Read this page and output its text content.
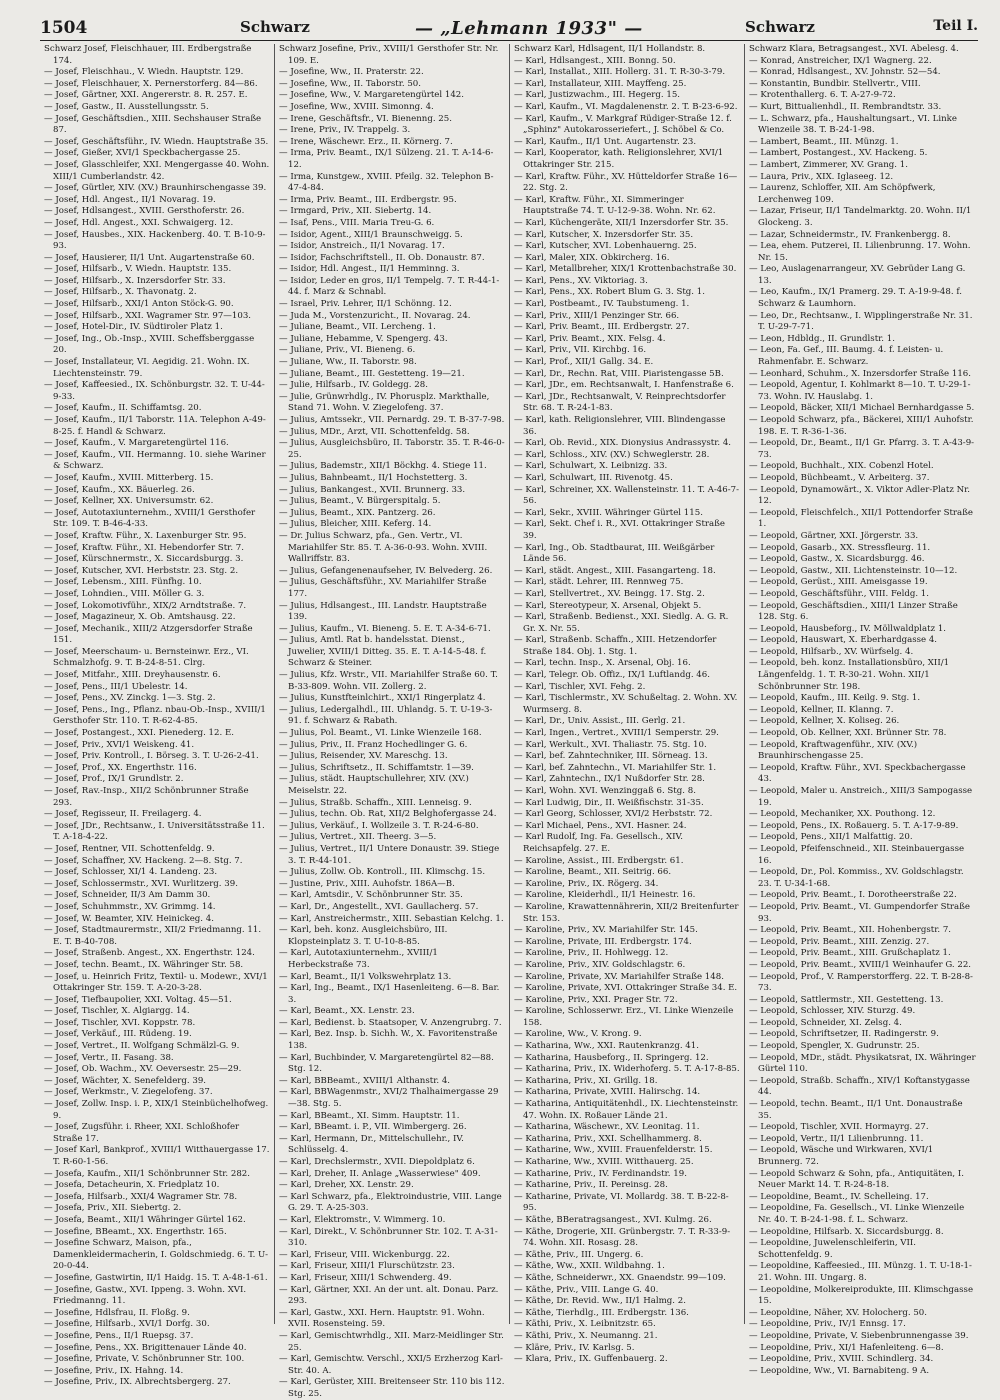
1504	Schwarz	— „Lehmann 1933" —	Schwarz	Teil I.
Schwarz Josef, Fleischhauer, III. Erdbergstraße 174.
— Josef, Fleischhau., V. Wiedn. Hauptstr. 129.
— Josef, Fleischhauer, X. Pernerstorferg. 84—86.
— Josef, Gärtner, XXI. Angererstr. 8. R. 257. E.
— Josef, Gastw., II. Ausstellungsstr. 5.
— Josef, Geschäftsdien., XIII. Sechshauser Straße 87.
— Josef, Geschäftsführ., IV. Wiedn. Hauptstraße 35.
— Josef, Gießer, XVI/1 Speckbachergasse 25.
— Josef, Glasschleifer, XXI. Mengergasse 40. Wohn. XIII/1 Cumberlandstr. 42.
— Josef, Gürtler, XIV. (XV.) Braunhirschengasse 39.
— Josef, Hdl. Angest., II/1 Novarag. 19.
— Josef, Hdlsangest., XVIII. Gersthoferstr. 26.
— Josef, Hdl. Angest., XXI. Schwaigerg. 12.
— Josef, Hausbes., XIX. Hackenberg. 40. T. B-10-9-93.
— Josef, Hausierer, II/1 Unt. Augartenstraße 60.
— Josef, Hilfsarb., V. Wiedn. Hauptstr. 135.
— Josef, Hilfsarb., X. Inzersdorfer Str. 33.
— Josef, Hilfsarb., X. Thavonatg. 2.
— Josef, Hilfsarb., XXI/1 Anton Stöck-G. 90.
— Josef, Hilfsarb., XXI. Wagramer Str. 97—103.
— Josef, Hotel-Dir., IV. Südtiroler Platz 1.
— Josef, Ing., Ob.-Insp., XVIII. Scheffsberggasse 20.
— Josef, Installateur, VI. Aegidig. 21. Wohn. IX. Liechtensteinstr. 79.
— Josef, Kaffeesied., IX. Schönburgstr. 32. T. U-44-9-33.
— Josef, Kaufm., II. Schiffamtsg. 20.
— Josef, Kaufm., II/1 Taborstr. 11A. Telephon A-49-8-25. f. Handl & Schwarz.
— Josef, Kaufm., V. Margaretengürtel 116.
— Josef, Kaufm., VII. Hermanng. 10. siehe Wariner & Schwarz.
— Josef, Kaufm., XVIII. Mitterberg. 15.
— Josef, Kaufm., XX. Bäuerleg. 26.
— Josef, Kellner, XX. Universumstr. 62.
— Josef, Autotaxiunternehm., XVIII/1 Gersthofer Str. 109. T. B-46-4-33.
— Josef, Kraftw. Führ., X. Laxenburger Str. 95.
— Josef, Kraftw. Führ., XI. Hebendorfer Str. 7.
— Josef, Kürschnermstr., X. Siccardsburgg. 3.
— Josef, Kutscher, XVI. Herbststr. 23. Stg. 2.
— Josef, Lebensm., XIII. Fünfhg. 10.
— Josef, Lohndien., VIII. Möller G. 3.
— Josef, Lokomotivführ., XIX/2 Arndtstraße. 7.
— Josef, Magazineur, X. Ob. Amtshausg. 22.
— Josef, Mechanik., XIII/2 Atzgersdorfer Straße 151.
— Josef, Meerschaum- u. Bernsteinwr. Erz., VI. Schmalzhofg. 9. T. B-24-8-51. Clrg.
— Josef, Mitfahr., XIII. Dreyhausenstr. 6.
— Josef, Pens., III/1 Ubelestr. 14.
— Josef, Pens., XV. Zinckg. 1—3. Stg. 2.
— Josef, Pens., Ing., Pflanz. nbau-Ob.-Insp., XVIII/1 Gersthofer Str. 110. T. R-62-4-85.
— Josef, Postangest., XXI. Pienederg. 12. E.
— Josef, Priv., XVI/1 Weiskeng. 41.
— Josef, Priv. Kontroll., I. Börseg. 3. T. U-26-2-41.
— Josef, Prof., XX. Engerthstr. 116.
— Josef, Prof., IX/1 Grundlstr. 2.
— Josef, Rav.-Insp., XII/2 Schönbrunner Straße 293.
— Josef, Regisseur, II. Freilagerg. 4.
— Josef, JDr., Rechtsanw., I. Universitätsstraße 11. T. A-18-4-22.
— Josef, Rentner, VII. Schottenfeldg. 9.
— Josef, Schaffner, XV. Hackeng. 2—8. Stg. 7.
— Josef, Schlosser, XI/1 4. Landeng. 23.
— Josef, Schlossermstr., XVI. Wurlitzerg. 39.
— Josef, Schneider, II/3 Am Damm 30.
— Josef, Schuhmmstr., XV. Grimmg. 14.
— Josef, W. Beamter, XIV. Heinickeg. 4.
— Josef, Stadtmaurermstr., XII/2 Friedmanng. 11. E. T. B-40-708.
— Josef, Straßenb. Angest., XX. Engerthstr. 124.
— Josef, techn. Beamt., IX. Währinger Str. 58.
— Josef, u. Heinrich Fritz, Textil- u. Modewr., XVI/1 Ottakringer Str. 159. T. A-20-3-28.
— Josef, Tiefbaupolier, XXI. Voltag. 45—51.
— Josef, Tischler, X. Algiargg. 14.
— Josef, Tischler, XVI. Koppstr. 78.
— Josef, Verkäuf., III. Rüdeng. 19.
— Josef, Vertret., II. Wolfgang Schmälzl-G. 9.
— Josef, Vertr., II. Fasang. 38.
— Josef, Ob. Wachm., XV. Oeversestr. 25—29.
— Josef, Wächter, X. Senefelderg. 39.
— Josef, Werkmstr., V. Ziegelofeng. 37.
— Josef, Zollw. Insp. i. P., XIX/1 Steinbüchelhofweg. 9.
— Josef, Zugsführ. i. Rheer, XXI. Schloßhofer Straße 17.
— Josef Karl, Bankprof., XVIII/1 Witthauergasse 17. T. R-60-1-56.
— Josefa, Kaufm., XII/1 Schönbrunner Str. 282.
— Josefa, Detacheurin, X. Friedplatz 10.
— Josefa, Hilfsarb., XXI/4 Wagramer Str. 78.
— Josefa, Priv., XII. Siebertg. 2.
— Josefa, Beamt., XII/1 Währinger Gürtel 162.
— Josefine, BBeamt., XX. Engerthstr. 165.
— Josefine Schwarz, Maison, pfa., Damenkleidermacherin, I. Goldschmiedg. 6. T. U-20-0-44.
— Josefine, Gastwirtin, II/1 Haidg. 15. T. A-48-1-61.
— Josefine, Gastw., XVI. Ippeng. 3. Wohn. XVI. Friedmanng. 11.
— Josefine, Hdlsfrau, II. Floßg. 9.
— Josefine, Hilfsarb., XVI/1 Dorfg. 30.
— Josefine, Pens., II/1 Ruepsg. 37.
— Josefine, Pens., XX. Brigittenauer Lände 40.
— Josefine, Private, V. Schönbrunner Str. 100.
— Josefine, Priv., IX. Hahng. 14.
— Josefine, Priv., IX. Albrechtsbergerg. 27.
Schwarz Josefine, Priv., XVIII/1 Gersthofer Str. Nr. 109. E.
— Josefine, Ww., II. Praterstr. 22.
— Josefine, Ww., II. Taborstr. 50.
— Josefine, Ww., V. Margaretengürtel 142.
— Josefine, Ww., XVIII. Simonng. 4.
— Irene, Geschäftsfr., VI. Bienenng. 25.
— Irene, Priv., IV. Trappelg. 3.
— Irene, Wäschewr. Erz., II. Körnerg. 7.
— Irma, Priv. Beamt., IX/1 Sülzeng. 21. T. A-14-6-12.
— Irma, Kunstgew., XVIII. Pfeilg. 32. Telephon B-47-4-84.
— Irma, Priv. Beamt., III. Erdbergstr. 95.
— Irmgard, Priv., XII. Siebertg. 14.
— Isaf, Pens., VIII. Maria Treu-G. 6.
— Isidor, Agent., XIII/1 Braunschweigg. 5.
— Isidor, Anstreich., II/1 Novarag. 17.
— Isidor, Fachschriftstell., II. Ob. Donaustr. 87.
— Isidor, Hdl. Angest., II/1 Hemminng. 3.
— Isidor, Leder en gros, II/1 Tempelg. 7. T. R-44-1-44. f. Marz & Schnabl.
— Israel, Priv. Lehrer, II/1 Schönng. 12.
— Juda M., Vorstenzuricht., II. Novarag. 24.
— Juliane, Beamt., VII. Lercheng. 1.
— Juliane, Hebamme, V. Spengerg. 43.
— Juliane, Priv., VI. Bieneng. 6.
— Juliane, Ww., II. Taborstr. 98.
— Juliane, Beamt., III. Gestetteng. 19—21.
— Julie, Hilfsarb., IV. Goldegg. 28.
— Julie, Grünwrhdlg., IV. Phorusplz. Markthalle, Stand 71. Wohn. V. Ziegelofeng. 37.
— Julius, Amtssekr., VII. Pernardg. 29. T. B-37-7-98.
— Julius, MDr., Arzt, VII. Schottenfeldg. 58.
— Julius, Ausgleichsbüro, II. Taborstr. 35. T. R-46-0-25.
— Julius, Bademstr., XII/1 Böckhg. 4. Stiege 11.
— Julius, Bahnbeamt., II/1 Hochstetterg. 3.
— Julius, Bankangest., XVII. Brunnerg. 33.
— Julius, Beamt., V. Bürgerspitalg. 5.
— Julius, Beamt., XIX. Pantzerg. 26.
— Julius, Bleicher, XIII. Keferg. 14.
— Dr. Julius Schwarz, pfa., Gen. Vertr., VI. Mariahilfer Str. 85. T. A-36-0-93. Wohn. XVIII. Wallriffstr. 83.
— Julius, Gefangenenaufseher, IV. Belvederg. 26.
— Julius, Geschäftsführ., XV. Mariahilfer Straße 177.
— Julius, Hdlsangest., III. Landstr. Hauptstraße 139.
— Julius, Kaufm., VI. Bieneng. 5. E. T. A-34-6-71.
— Julius, Amtl. Rat b. handelsstat. Dienst., Juwelier, XVIII/1 Ditteg. 35. E. T. A-14-5-48. f. Schwarz & Steiner.
— Julius, Kfz. Wrstr., VII. Mariahilfer Straße 60. T. B-33-809. Wohn. VII. Zollerg. 2.
— Julius, Kunstfteinlchirt., XXI/1 Ringerplatz 4.
— Julius, Ledergalhdl., III. Uhlandg. 5. T. U-19-3-91. f. Schwarz & Rabath.
— Julius, Pol. Beamt., VI. Linke Wienzeile 168.
— Julius, Priv., II. Franz Hochedlinger G. 6.
— Julius, Reisender, XV. Mareschg. 13.
— Julius, Schriftsetz., II. Schiffamtstr. 1—39.
— Julius, städt. Hauptschullehrer, XIV. (XV.) Meiselstr. 22.
— Julius, Straßb. Schaffn., XIII. Lenneisg. 9.
— Julius, techn. Ob. Rat, XII/2 Belghofergasse 24.
— Julius, Verkäuf., I. Wollzeile 3. T. R-24-6-80.
— Julius, Vertret., XII. Theerg. 3—5.
— Julius, Vertret., II/1 Untere Donaustr. 39. Stiege 3. T. R-44-101.
— Julius, Zollw. Ob. Kontroll., III. Klimschg. 15.
— Justine, Priv., XIII. Auhofstr. 186A—B.
— Karl, Amtsdir., V. Schönbrunner Str. 35.
— Karl, Dr., Angestellt., XVI. Gaullacherg. 57.
— Karl, Anstreichermstr., XIII. Sebastian Kelchg. 1.
— Karl, beh. konz. Ausgleichsbüro, III. Klopsteinplatz 3. T. U-10-8-85.
— Karl, Autotaxiunternehm., XVIII/1 Herbeckstraße 73.
— Karl, Beamt., II/1 Volkswehrplatz 13.
— Karl, Ing., Beamt., IX/1 Hasenleiteng. 6—8. Bar. 3.
— Karl, Beamt., XX. Lenstr. 23.
— Karl, Bedienst. b. Staatsoper, V. Anzengrubrg. 7.
— Karl, Bez. Insp. b. Sichh. W., X. Favoritenstraße 138.
— Karl, Buchbinder, V. Margaretengürtel 82—88. Stg. 12.
— Karl, BBBeamt., XVIII/1 Althanstr. 4.
— Karl, BBWagenmstr., XVI/2 Thalhaimergasse 29—38. Stg. 5.
— Karl, BBeamt., XI. Simm. Hauptstr. 11.
— Karl, BBeamt. i. P., VII. Wimbergerg. 26.
— Karl, Hermann, Dr., Mittelschullehr., IV. Schlüsselg. 4.
— Karl, Drechslermstr., XVII. Diepoldplatz 6.
— Karl, Dreher, II. Anlage „Wasserwiese" 409.
— Karl, Dreher, XX. Lenstr. 29.
— Karl Schwarz, pfa., Elektroindustrie, VIII. Lange G. 29. T. A-25-303.
— Karl, Elektromstr., V. Wimmerg. 10.
— Karl, Direkt., V. Schönbrunner Str. 102. T. A-31-310.
— Karl, Friseur, VIII. Wickenburgg. 22.
— Karl, Friseur, XIII/1 Flurschützstr. 23.
— Karl, Friseur, XIII/1 Schwenderg. 49.
— Karl, Gärtner, XXI. An der unt. alt. Donau. Parz. 293.
— Karl, Gastw., XXI. Hern. Hauptstr. 91. Wohn. XVII. Rosensteing. 59.
— Karl, Gemischtwrhdlg., XII. Marz-Meidlinger Str. 25.
— Karl, Gemischtw. Verschl., XXI/5 Erzherzog Karl-Str. 40. A.
— Karl, Gerüster, XIII. Breitenseer Str. 110 bis 112. Stg. 25.
Schwarz Karl, Hdlsagent, II/1 Hollandstr. 8.
— Karl, Hdlsangest., XIII. Bonng. 50.
— Karl, Installat., XIII. Hollerg. 31. T. R-30-3-79.
— Karl, Installateur, XIII. Mayffeng. 25.
— Karl, Justizwachm., III. Hegerg. 15.
— Karl, Kaufm., VI. Magdalenenstr. 2. T. B-23-6-92.
— Karl, Kaufm., V. Markgraf Rüdiger-Straße 12. f. „Sphinz" Autokarosseriefert., J. Schöbel & Co.
— Karl, Kaufm., II/1 Unt. Augartenstr. 23.
— Karl, Kooperator, kath. Religionslehrer, XVI/1 Ottakringer Str. 215.
— Karl, Kraftw. Führ., XV. Hütteldorfer Straße 16—22. Stg. 2.
— Karl, Kraftw. Führ., XI. Simmeringer Hauptstraße 74. T. U-12-9-38. Wohn. Nr. 62.
— Karl, Küchengeräte, XII/1 Inzersdorfer Str. 35.
— Karl, Kutscher, X. Inzersdorfer Str. 35.
— Karl, Kutscher, XVI. Lobenhauerng. 25.
— Karl, Maler, XIX. Obkircherg. 16.
— Karl, Metallbreher, XIX/1 Krottenbachstraße 30.
— Karl, Pens., XV. Viktoriag. 3.
— Karl, Pens., XX. Robert Blum G. 3. Stg. 1.
— Karl, Postbeamt., IV. Taubstumeng. 1.
— Karl, Priv., XIII/1 Penzinger Str. 66.
— Karl, Priv. Beamt., III. Erdbergstr. 27.
— Karl, Priv. Beamt., XIX. Felsg. 4.
— Karl, Priv., VII. Kirchbg. 16.
— Karl, Prof., XII/1 Gallg. 34. E.
— Karl, Dr., Rechn. Rat, VIII. Piaristengasse 5B.
— Karl, JDr., em. Rechtsanwalt, I. Hanfenstraße 6.
— Karl, JDr., Rechtsanwalt, V. Reinprechtsdorfer Str. 68. T. R-24-1-83.
— Karl, kath. Religionslehrer, VIII. Blindengasse 36.
— Karl, Ob. Revid., XIX. Dionysius Andrassystr. 4.
— Karl, Schloss., XIV. (XV.) Schweglerstr. 28.
— Karl, Schulwart, X. Leibnizg. 33.
— Karl, Schulwart, III. Rivenotg. 45.
— Karl, Schreiner, XX. Wallensteinstr. 11. T. A-46-7-56.
— Karl, Sekr., XVIII. Währinger Gürtel 115.
— Karl, Sekt. Chef i. R., XVI. Ottakringer Straße 39.
— Karl, Ing., Ob. Stadtbaurat, III. Weißgärber Lände 56.
— Karl, städt. Angest., XIII. Fasangarteng. 18.
— Karl, städt. Lehrer, III. Rennweg 75.
— Karl, Stellvertret., XV. Beingg. 17. Stg. 2.
— Karl, Stereotypeur, X. Arsenal, Objekt 5.
— Karl, Straßenb. Bedienst., XXI. Siedlg. A. G. R. Gr. X. Nr. 55.
— Karl, Straßenb. Schaffn., XIII. Hetzendorfer Straße 184. Obj. 1. Stg. 1.
— Karl, techn. Insp., X. Arsenal, Obj. 16.
— Karl, Telegr. Ob. Offiz., IX/1 Luftlandg. 46.
— Karl, Tischler, XVI. Fehg. 2.
— Karl, Tischlermstr., XV. Schußeltag. 2. Wohn. XV. Wurmserg. 8.
— Karl, Dr., Univ. Assist., III. Gerlg. 21.
— Karl, Ingen., Vertret., XVIII/1 Semperstr. 29.
— Karl, Werkult., XVI. Thaliastr. 75. Stg. 10.
— Karl, bef. Zahntechniker, III. Sörneag. 13.
— Karl, bef. Zahntechn., VI. Mariahilfer Str. 1.
— Karl, Zahntechn., IX/1 Nußdorfer Str. 28.
— Karl, Wohn. XVI. Wenzinggaß 6. Stg. 8.
— Karl Ludwig, Dir., II. Weißfischstr. 31-35.
— Karl Georg, Schlosser, XVI/2 Herbststr. 72.
— Karl Michael, Pens., XVI. Hasner. 24.
— Karl Rudolf, Ing. Fa. Gesellsch., XIV. Reichsapfelg. 27. E.
— Karoline, Assist., III. Erdbergstr. 61.
— Karoline, Beamt., XII. Seitrig. 66.
— Karoline, Priv., IX. Rögerg. 34.
— Karoline, Kleiderhdl., II/1 Heinestr. 16.
— Karoline, Krawattennährerin, XII/2 Breitenfurter Str. 153.
— Karoline, Priv., XV. Mariahilfer Str. 145.
— Karoline, Private, III. Erdbergstr. 174.
— Karoline, Priv., II. Hohlwegg. 12.
— Karoline, Priv., XIV. Goldschlagstr. 6.
— Karoline, Private, XV. Mariahilfer Straße 148.
— Karoline, Private, XVI. Ottakringer Straße 34. E.
— Karoline, Priv., XXI. Prager Str. 72.
— Karoline, Schlosserwr. Erz., VI. Linke Wienzeile 158.
— Karoline, Ww., V. Krong. 9.
— Katharina, Ww., XXI. Rautenkranzg. 41.
— Katharina, Hausbeforg., II. Springerg. 12.
— Katharina, Priv., IX. Widerhoferg. 5. T. A-17-8-85.
— Katharina, Priv., XI. Grillg. 18.
— Katharina, Private, XVIII. Halirschg. 14.
— Katharina, Antiquitätenhdl., IX. Liechtensteinstr. 47. Wohn. IX. Roßauer Lände 21.
— Katharina, Wäschewr., XV. Leonitag. 11.
— Katharina, Priv., XXI. Schellhammerg. 8.
— Katharine, Ww., XVIII. Frauenfelderstr. 15.
— Katharine, Ww., XVIII. Witthauerg. 25.
— Katharine, Priv., IV. Ferdinandstr. 19.
— Katharine, Priv., II. Pereinsg. 28.
— Katharine, Private, VI. Mollardg. 38. T. B-22-8-95.
— Käthe, BBeratragsangest., XVI. Kulmg. 26.
— Käthe, Drogerie, XII. Grünbergstr. 7. T. R-33-9-74. Wohn. XII. Rosasg. 28.
— Käthe, Priv., III. Ungerg. 6.
— Käthe, Ww., XXII. Wildbahng. 1.
— Käthe, Schneiderwr., XX. Gnaendstr. 99—109.
— Käthe, Priv., VIII. Lange G. 40.
— Käthe, Dr. Revid. Ww., II/1 Halmg. 2.
— Käthe, Tierhdlg., III. Erdbergstr. 136.
— Käthi, Priv., X. Leibnitzstr. 65.
— Käthi, Priv., X. Neumanng. 21.
— Kläre, Priv., IV. Karlsg. 5.
— Klara, Priv., IX. Guffenbauerg. 2.
Schwarz Klara, Betragsangest., XVI. Abelesg. 4.
— Konrad, Anstreicher, IX/1 Wagnerg. 22.
— Konrad, Hdlsangest., XV. Johnstr. 52—54.
— Konstantin, Bundbir. Stellvertr., VIII.
— Krotenthallerg. 6. T. A-27-9-72.
— Kurt, Bittualienhdl., II. Rembrandtstr. 33.
— L. Schwarz, pfa., Haushaltungsart., VI. Linke Wienzeile 38. T. B-24-1-98.
— Lambert, Beamt., III. Münzg. 1.
— Lambert, Postangest., XV. Hackeng. 5.
— Lambert, Zimmerer, XV. Grang. 1.
— Laura, Priv., XIX. Iglaseeg. 12.
— Laurenz, Schloffer, XII. Am Schöpfwerk, Lerchenweg 109.
— Lazar, Friseur, II/1 Tandelmarktg. 20. Wohn. II/1 Glockeng. 3.
— Lazar, Schneidermstr., IV. Frankenbergg. 8.
— Lea, ehem. Putzerei, II. Lilienbrunng. 17. Wohn. Nr. 15.
— Leo, Auslagenarrangeur, XV. Gebrüder Lang G. 13.
— Leo, Kaufm., IX/1 Pramerg. 29. T. A-19-9-48. f. Schwarz & Laumhorn.
— Leo, Dr., Rechtsanw., I. Wipplingerstraße Nr. 31. T. U-29-7-71.
— Leon, Hdbldg., II. Grundlstr. 1.
— Leon, Fa. Gef., III. Baumg. 4. f. Leisten- u. Rahmenfabr. E. Schwarz.
— Leonhard, Schuhm., X. Inzersdorfer Straße 116.
— Leopold, Agentur, I. Kohlmarkt 8—10. T. U-29-1-73. Wohn. IV. Hauslabg. 1.
— Leopold, Bäcker, XII/1 Michael Bernhardgasse 5.
— Leopold Schwarz, pfa., Bäckerei, XIII/1 Auhofstr. 198. E. T. R-36-1-36.
— Leopold, Dr., Beamt., II/1 Gr. Pfarrg. 3. T. A-43-9-73.
— Leopold, Buchhalt., XIX. Cobenzl Hotel.
— Leopold, Büchbeamt., V. Arbeiterg. 37.
— Leopold, Dynamowärt., X. Viktor Adler-Platz Nr. 12.
— Leopold, Fleischfelch., XII/1 Pottendorfer Straße 1.
— Leopold, Gärtner, XXI. Jörgerstr. 33.
— Leopold, Gasarb., XX. Stressfleurg. 11.
— Leopold, Gastw., X. Sicardsburgg. 46.
— Leopold, Gastw., XII. Lichtensteinstr. 10—12.
— Leopold, Gerüst., XIII. Ameisgasse 19.
— Leopold, Geschäftsführ., VIII. Feldg. 1.
— Leopold, Geschäftsdien., XIII/1 Linzer Straße 128. Stg. 6.
— Leopold, Hausbeforg., IV. Möllwaldplatz 1.
— Leopold, Hauswart, X. Eberhardgasse 4.
— Leopold, Hilfsarb., XV. Würfselg. 4.
— Leopold, beh. konz. Installationsbüro, XII/1 Längenfeldg. 1. T. R-30-21. Wohn. XII/1 Schönbrunner Str. 198.
— Leopold, Kaufm., III. Keilg. 9. Stg. 1.
— Leopold, Kellner, II. Klanng. 7.
— Leopold, Kellner, X. Koliseg. 26.
— Leopold, Ob. Kellner, XXI. Brünner Str. 78.
— Leopold, Kraftwagenführ., XIV. (XV.) Braunhirschengasse 25.
— Leopold, Kraftw. Führ., XVI. Speckbachergasse 43.
— Leopold, Maler u. Anstreich., XIII/3 Sampogasse 19.
— Leopold, Mechaniker, XX. Pouthong. 12.
— Leopold, Pens., IX. Roßauerg. 5. T. A-17-9-89.
— Leopold, Pens., XII/1 Malfattig. 20.
— Leopold, Pfeifenschneid., XII. Steinbauergasse 16.
— Leopold, Dr., Pol. Kommiss., XV. Goldschlagstr. 23. T. U-34-1-68.
— Leopold, Priv. Beamt., I. Dorotheerstraße 22.
— Leopold, Priv. Beamt., VI. Gumpendorfer Straße 93.
— Leopold, Priv. Beamt., XII. Hohenbergstr. 7.
— Leopold, Priv. Beamt., XIII. Zenzig. 27.
— Leopold, Priv. Beamt., XIII. Grußchaplatz 1.
— Leopold, Priv. Beamt., XVIII/1 Weinhaufer G. 22.
— Leopold, Prof., V. Ramperstorfferg. 22. T. B-28-8-73.
— Leopold, Sattlermstr., XII. Gestetteng. 13.
— Leopold, Schlosser, XIV. Sturzg. 49.
— Leopold, Schneider, XI. Zelsg. 4.
— Leopold, Schriftsetzer, II. Radingerstr. 9.
— Leopold, Spengler, X. Gudrunstr. 25.
— Leopold, MDr., städt. Physikatsrat, IX. Währinger Gürtel 110.
— Leopold, Straßb. Schaffn., XIV/1 Koftanstygasse 44.
— Leopold, techn. Beamt., II/1 Unt. Donaustraße 35.
— Leopold, Tischler, XVII. Hormayrg. 27.
— Leopold, Vertr., II/1 Lilienbrunng. 11.
— Leopold, Wäsche und Wirkwaren, XVI/1 Brunnerg. 72.
— Leopold Schwarz & Sohn, pfa., Antiquitäten, I. Neuer Markt 14. T. R-24-8-18.
— Leopoldine, Beamt., IV. Schelleing. 17.
— Leopoldine, Fa. Gesellsch., VI. Linke Wienzeile Nr. 40. T. B-24-1-98. f. L. Schwarz.
— Leopoldine, Hilfsarb. X. Siccardsburgg. 8.
— Leopoldine, Juwelenschleiferin, VII. Schottenfeldg. 9.
— Leopoldine, Kaffeesied., III. Münzg. 1. T. U-18-1-21. Wohn. III. Ungarg. 8.
— Leopoldine, Molkereiprodukte, III. Klimschgasse 15.
— Leopoldine, Näher, XV. Holocherg. 50.
— Leopoldine, Priv., IV/1 Ennsg. 17.
— Leopoldine, Private, V. Siebenbrunnengasse 39.
— Leopoldine, Priv., XI/1 Hafenleiteng. 6—8.
— Leopoldine, Priv., XVIII. Schindlerg. 34.
— Leopoldine, Ww., VI. Barnabiteng. 9 A.
